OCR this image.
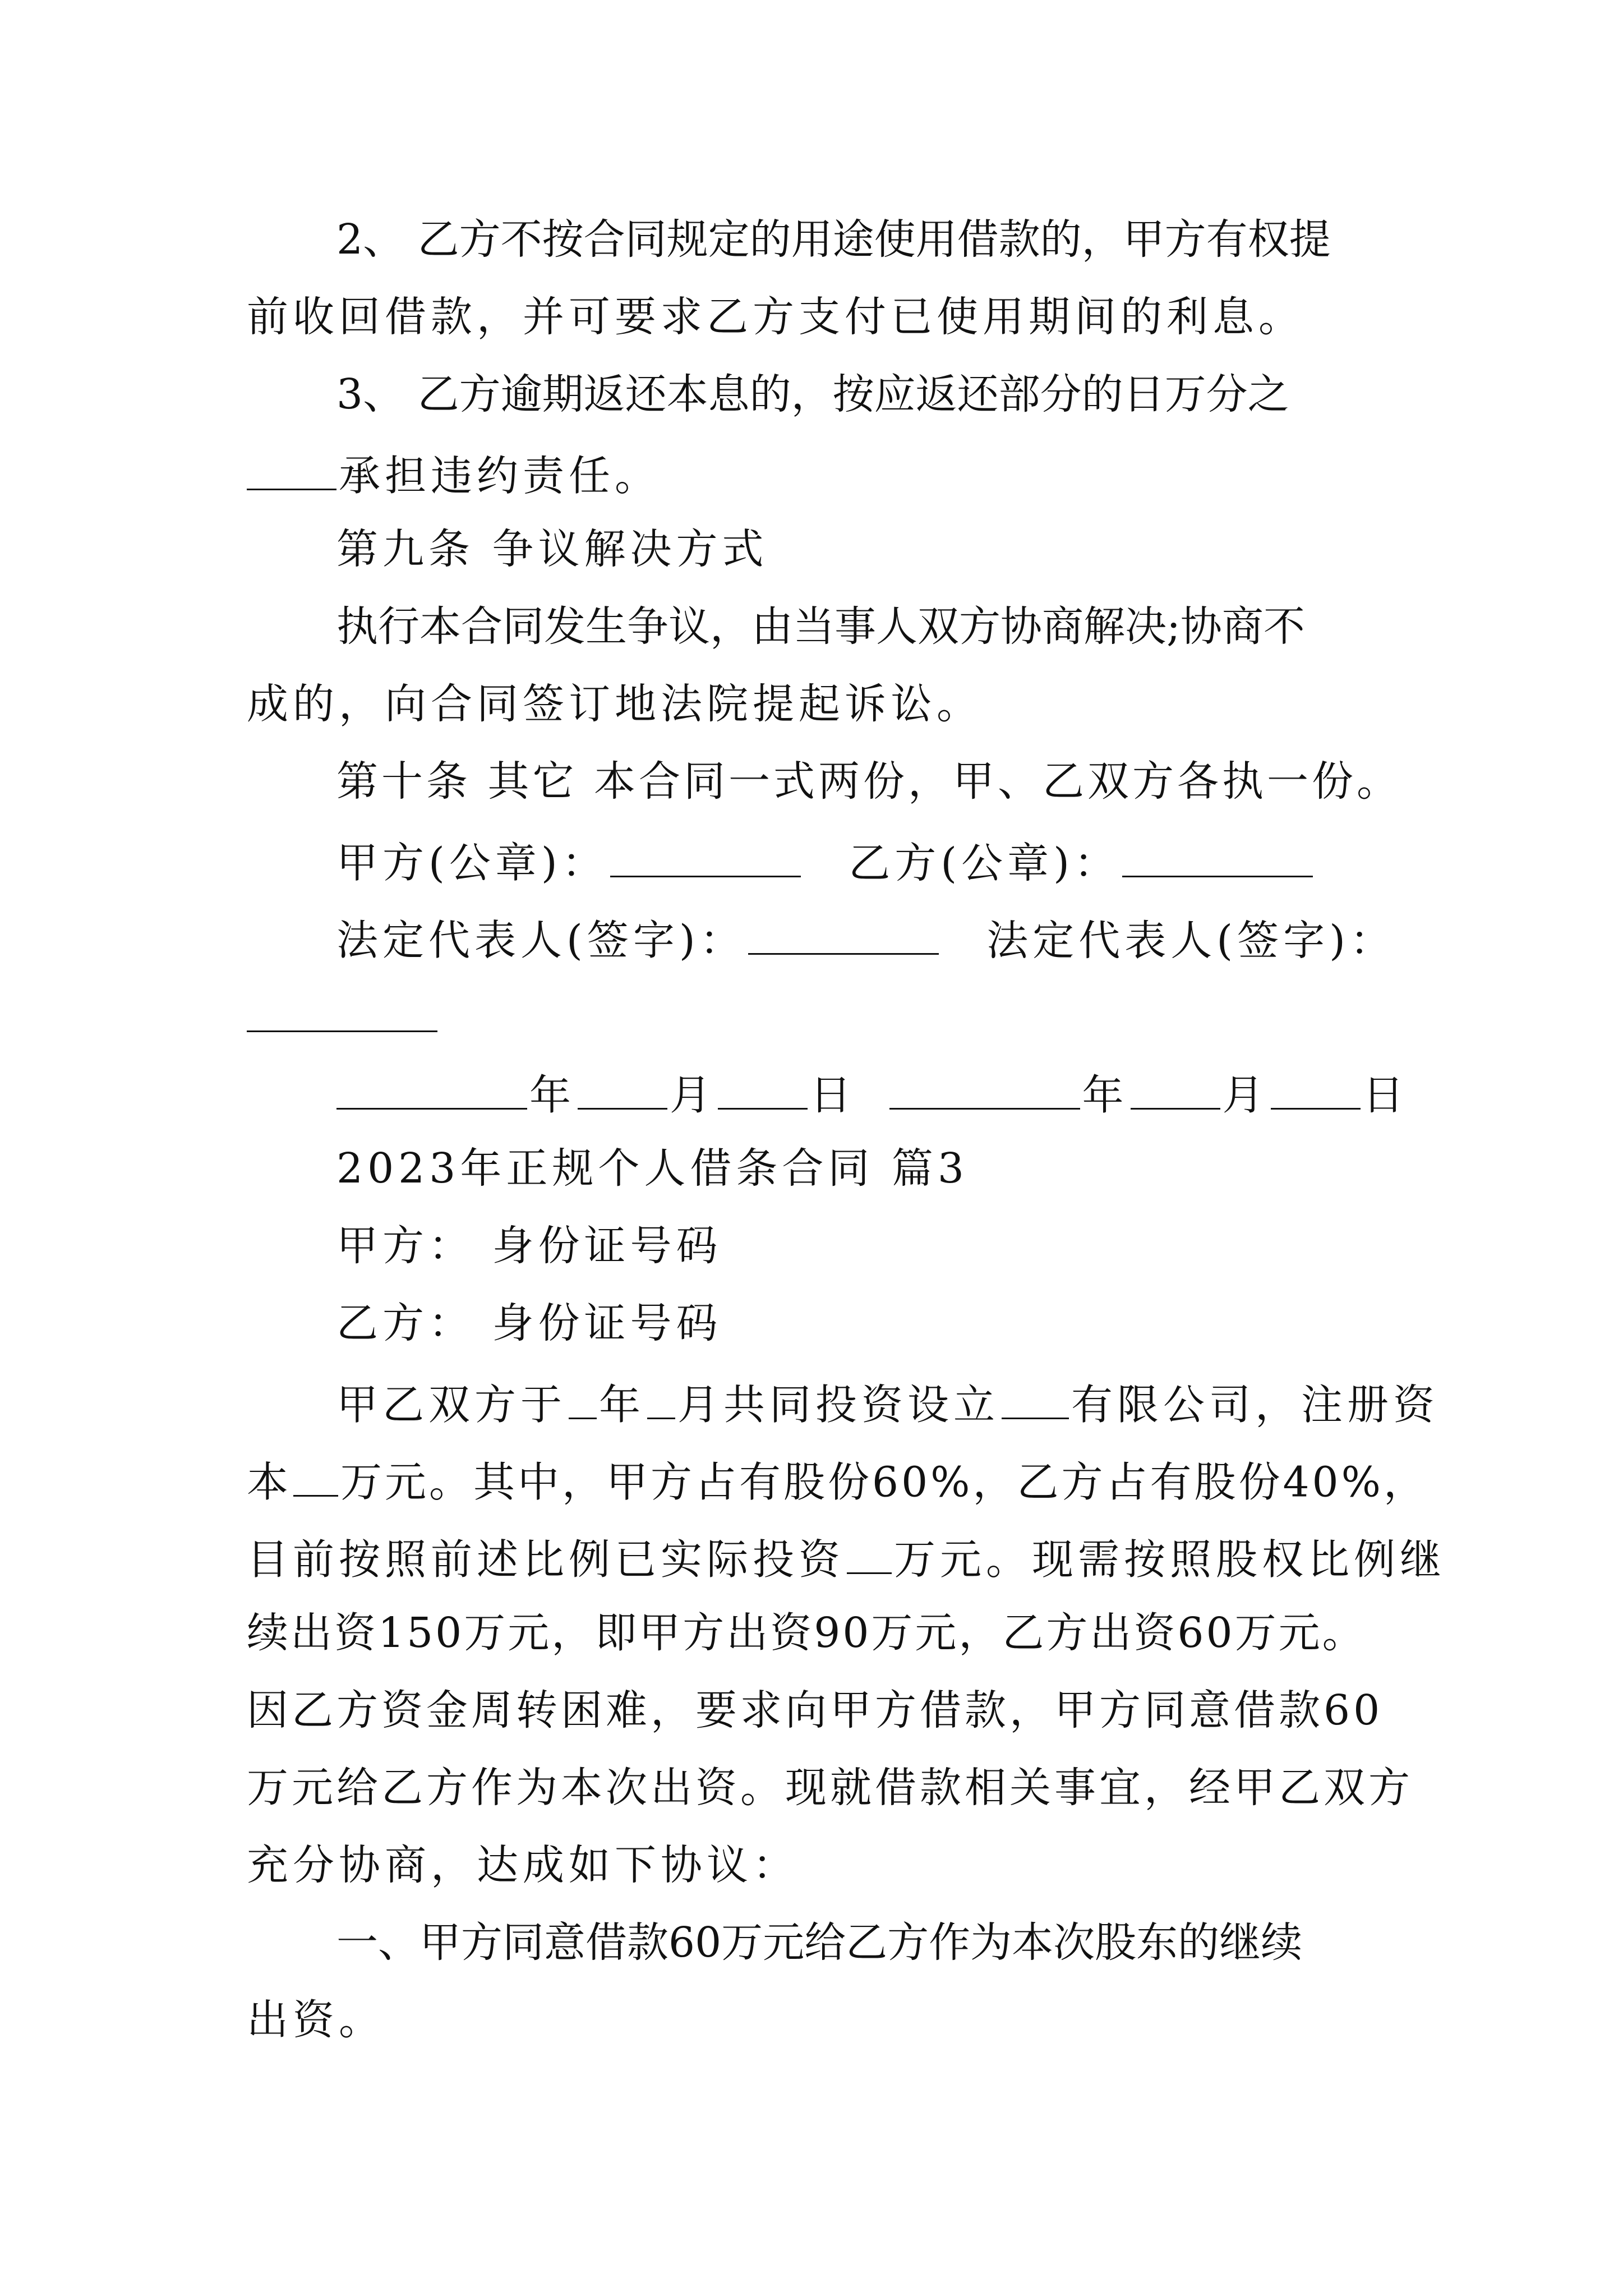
2、 乙方不按合同规定的用途使用借款的，甲方有权提
前收回借款，并可要求乙方支付已使用期间的利息。
3、 乙方逾期返还本息的，按应返还部分的日万分之
承担违约责任。
第九条 争议解决方式
执行本合同发生争议，由当事人双方协商解决;协商不
成的，向合同签订地法院提起诉讼。
第十条 其它 本合同一式两份，甲、乙双方各执一份。
甲方(公章)：	乙方(公章)：
法定代表人(签字)：	法定代表人(签字)：
年 月 日	年 月 日
2023年正规个人借条合同 篇3
甲方： 身份证号码
乙方： 身份证号码
甲乙双方于 年 月共同投资设立 有限公司，注册资
本 万元。其中，甲方占有股份60%，乙方占有股份40%，
目前按照前述比例已实际投资 万元。现需按照股权比例继
续出资150万元，即甲方出资90万元，乙方出资60万元。
因乙方资金周转困难，要求向甲方借款，甲方同意借款60
万元给乙方作为本次出资。现就借款相关事宜，经甲乙双方
充分协商，达成如下协议：
一、甲方同意借款60万元给乙方作为本次股东的继续
出资。
